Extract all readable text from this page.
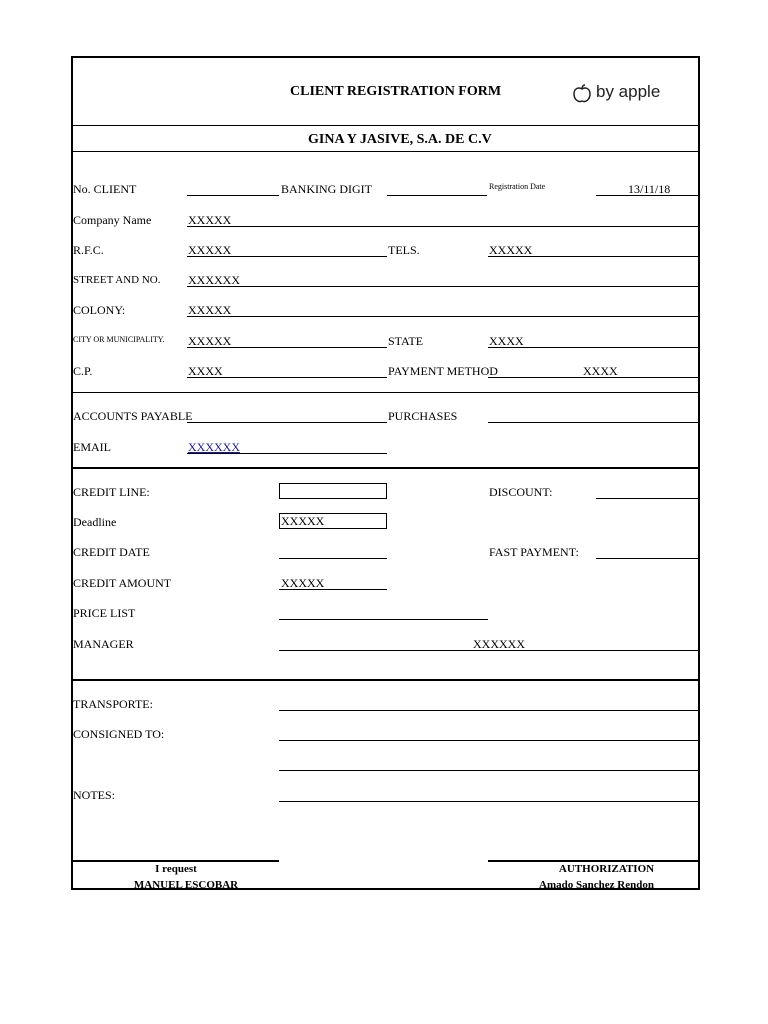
CLIENT REGISTRATION FORM	by apple
GINA Y JASIVE, S.A. DE C.V
No. CLIENT	BANKING DIGIT	Registration Date	13/11/18
Company Name	XXXXX
R.F.C.	XXXXX	TELS.	XXXXX
STREET AND NO. XXXXXX
COLONY:	XXXXX
CITY OR MUNICIPALITY. XXXXX	STATE	XXXX
C.P.	XXXX	PAYMENT METHOD	XXXX
ACCOUNTS PAYABLE	PURCHASES
EMAIL	XXXXXX
CREDIT LINE:	DISCOUNT:
Deadline	XXXXX
CREDIT DATE	FAST PAYMENT:
CREDIT AMOUNT	XXXXX
PRICE LIST
MANAGER	XXXXXX
TRANSPORTE:
CONSIGNED TO:
NOTES:
I request
MANUEL ESCOBAR
AUTHORIZATION
Amado Sanchez Rendon
